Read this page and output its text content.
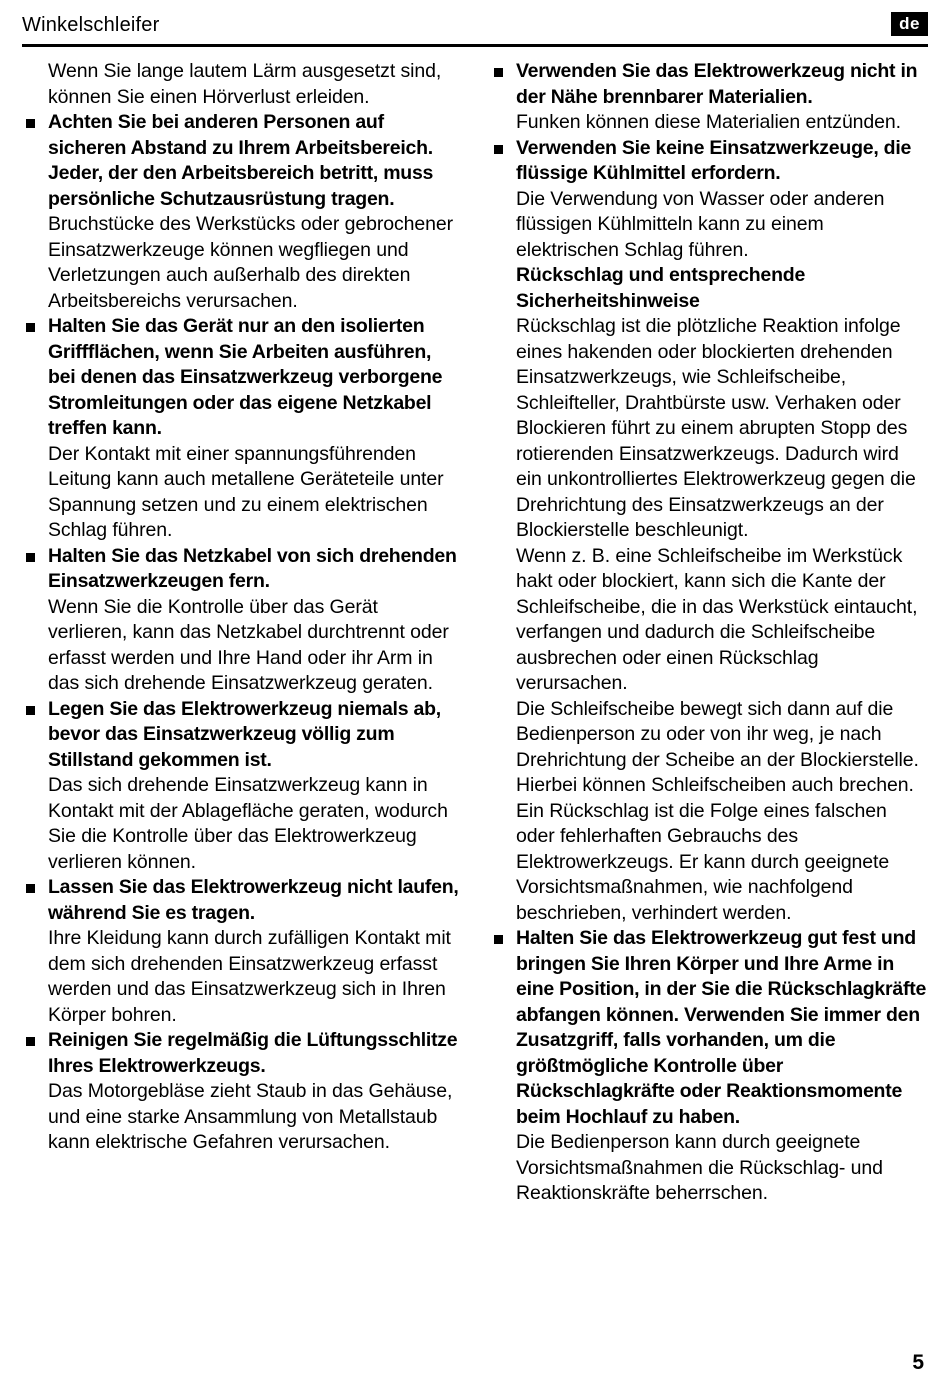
Winkelschleifer	de
Wenn Sie lange lautem Lärm ausgesetzt sind, können Sie einen Hörverlust erleiden.
Achten Sie bei anderen Personen auf sicheren Abstand zu Ihrem Arbeitsbereich. Jeder, der den Arbeitsbereich betritt, muss persönliche Schutzausrüstung tragen.
Bruchstücke des Werkstücks oder gebrochener Einsatzwerkzeuge können wegfliegen und Verletzungen auch außerhalb des direkten Arbeitsbereichs verursachen.
Halten Sie das Gerät nur an den isolierten Griffflächen, wenn Sie Arbeiten ausführen, bei denen das Einsatzwerkzeug verborgene Stromleitungen oder das eigene Netzkabel treffen kann.
Der Kontakt mit einer spannungsführenden Leitung kann auch metallene Geräteteile unter Spannung setzen und zu einem elektrischen Schlag führen.
Halten Sie das Netzkabel von sich drehenden Einsatzwerkzeugen fern.
Wenn Sie die Kontrolle über das Gerät verlieren, kann das Netzkabel durchtrennt oder erfasst werden und Ihre Hand oder ihr Arm in das sich drehende Einsatzwerkzeug geraten.
Legen Sie das Elektrowerkzeug niemals ab, bevor das Einsatzwerkzeug völlig zum Stillstand gekommen ist.
Das sich drehende Einsatzwerkzeug kann in Kontakt mit der Ablagefläche geraten, wodurch Sie die Kontrolle über das Elektrowerkzeug verlieren können.
Lassen Sie das Elektrowerkzeug nicht laufen, während Sie es tragen.
Ihre Kleidung kann durch zufälligen Kontakt mit dem sich drehenden Einsatzwerkzeug erfasst werden und das Einsatzwerkzeug sich in Ihren Körper bohren.
Reinigen Sie regelmäßig die Lüftungsschlitze Ihres Elektrowerkzeugs.
Das Motorgebläse zieht Staub in das Gehäuse, und eine starke Ansammlung von Metallstaub kann elektrische Gefahren verursachen.
Verwenden Sie das Elektrowerkzeug nicht in der Nähe brennbarer Materialien.
Funken können diese Materialien entzünden.
Verwenden Sie keine Einsatzwerkzeuge, die flüssige Kühlmittel erfordern.
Die Verwendung von Wasser oder anderen flüssigen Kühlmitteln kann zu einem elektrischen Schlag führen.
Rückschlag und entsprechende Sicherheitshinweise
Rückschlag ist die plötzliche Reaktion infolge eines hakenden oder blockierten drehenden Einsatzwerkzeugs, wie Schleifscheibe, Schleifteller, Drahtbürste usw. Verhaken oder Blockieren führt zu einem abrupten Stopp des rotierenden Einsatzwerkzeugs. Dadurch wird ein unkontrolliertes Elektrowerkzeug gegen die Drehrichtung des Einsatzwerkzeugs an der Blockierstelle beschleunigt.
Wenn z. B. eine Schleifscheibe im Werkstück hakt oder blockiert, kann sich die Kante der Schleifscheibe, die in das Werkstück eintaucht, verfangen und dadurch die Schleifscheibe ausbrechen oder einen Rückschlag verursachen.
Die Schleifscheibe bewegt sich dann auf die Bedienperson zu oder von ihr weg, je nach Drehrichtung der Scheibe an der Blockierstelle. Hierbei können Schleifscheiben auch brechen.
Ein Rückschlag ist die Folge eines falschen oder fehlerhaften Gebrauchs des Elektrowerkzeugs. Er kann durch geeignete Vorsichtsmaßnahmen, wie nachfolgend beschrieben, verhindert werden.
Halten Sie das Elektrowerkzeug gut fest und bringen Sie Ihren Körper und Ihre Arme in eine Position, in der Sie die Rückschlagkräfte abfangen können. Verwenden Sie immer den Zusatzgriff, falls vorhanden, um die größtmögliche Kontrolle über Rückschlagkräfte oder Reaktionsmomente beim Hochlauf zu haben.
Die Bedienperson kann durch geeignete Vorsichtsmaßnahmen die Rückschlag- und Reaktionskräfte beherrschen.
5
